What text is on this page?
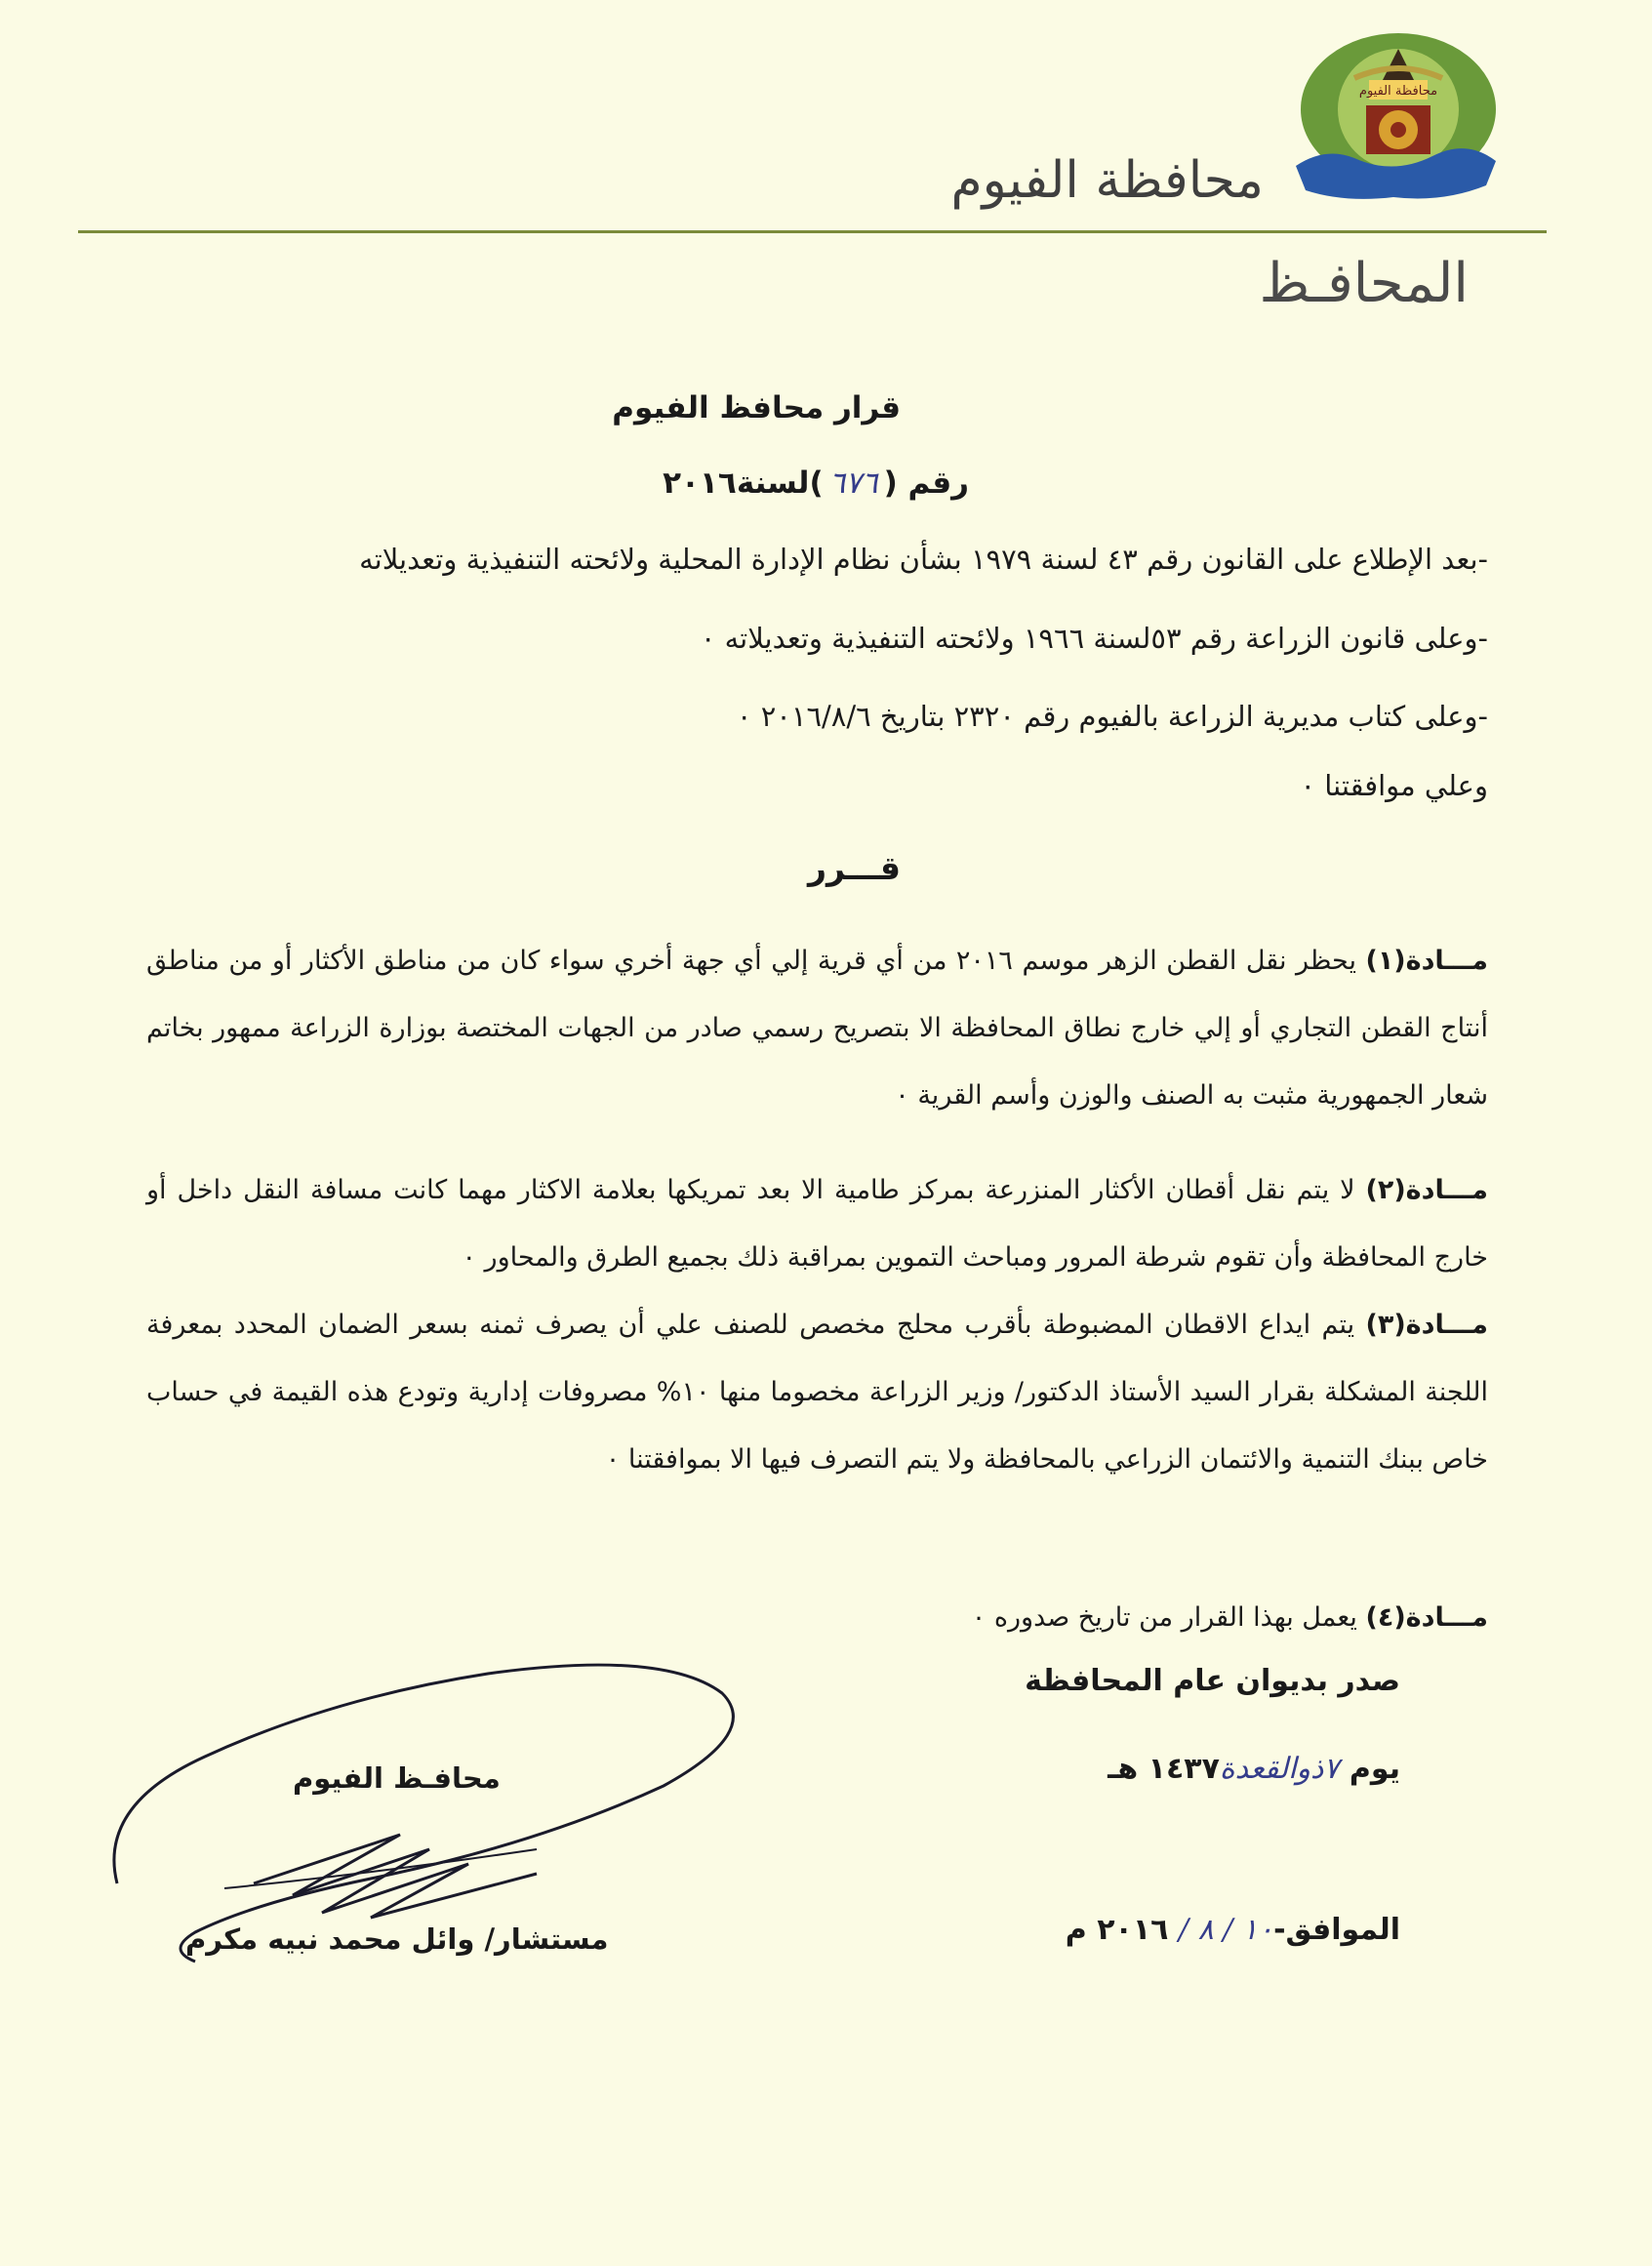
محافظة الفيوم
محافظة الفيوم
المحافـظ
قرار محافظ الفيوم
رقم (٦٧٦)لسنة٢٠١٦
-بعد الإطلاع على القانون رقم ٤٣ لسنة ١٩٧٩ بشأن نظام الإدارة المحلية ولائحته التنفيذية وتعديلاته
-وعلى قانون الزراعة رقم ٥٣لسنة ١٩٦٦ ولائحته التنفيذية وتعديلاته ٠
-وعلى كتاب مديرية الزراعة بالفيوم رقم ٢٣٢٠ بتاريخ ٢٠١٦/٨/٦ ٠
وعلي موافقتنا ٠
قـــرر
مـــادة(١) يحظر نقل القطن الزهر موسم ٢٠١٦ من أي قرية إلي أي جهة أخري سواء كان من مناطق الأكثار أو من مناطق أنتاج القطن التجاري أو إلي خارج نطاق المحافظة الا بتصريح رسمي صادر من الجهات المختصة بوزارة الزراعة ممهور بخاتم شعار الجمهورية مثبت به الصنف والوزن وأسم القرية ٠
مـــادة(٢) لا يتم نقل أقطان الأكثار المنزرعة بمركز طامية الا بعد تمريكها بعلامة الاكثار مهما كانت مسافة النقل داخل أو خارج المحافظة وأن تقوم شرطة المرور ومباحث التموين بمراقبة ذلك بجميع الطرق والمحاور ٠
مـــادة(٣) يتم ايداع الاقطان المضبوطة بأقرب محلج مخصص للصنف علي أن يصرف ثمنه بسعر الضمان المحدد بمعرفة اللجنة المشكلة بقرار السيد الأستاذ الدكتور/ وزير الزراعة مخصوما منها ١٠% مصروفات إدارية وتودع هذه القيمة في حساب خاص ببنك التنمية والائتمان الزراعي بالمحافظة ولا يتم التصرف فيها الا بموافقتنا ٠
مـــادة(٤) يعمل بهذا القرار من تاريخ صدوره ٠
صدر بديوان عام المحافظة
يوم ٧ذوالقعدة١٤٣٧ هـ
الموافق-١٠ / ٨ / ٢٠١٦ م
محافـظ الفيوم
مستشار/ وائل محمد نبيه مكرم
